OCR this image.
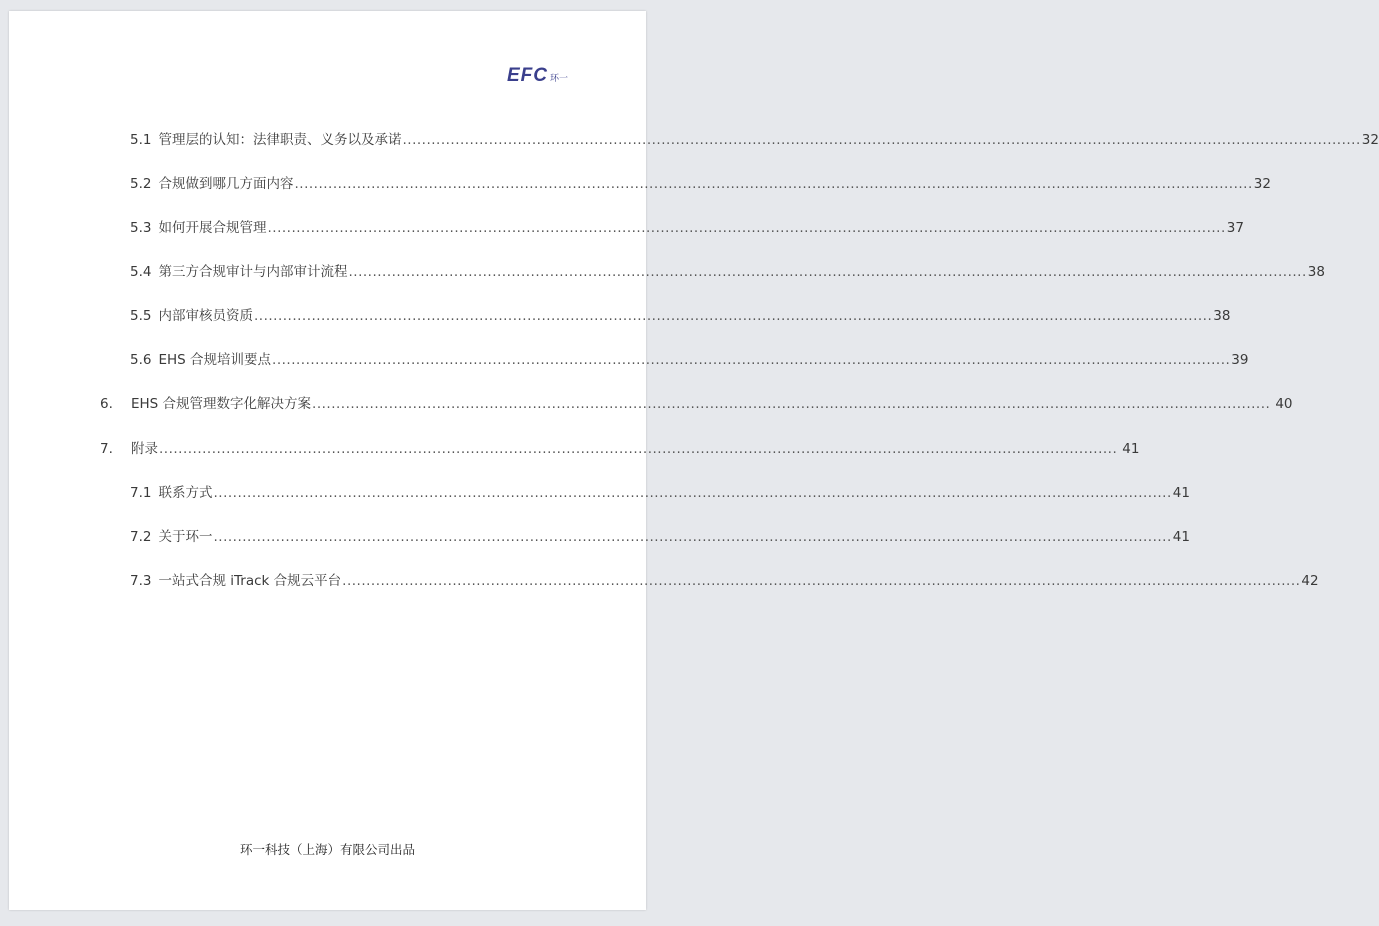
EFC 环一
5.1 管理层的认知：法律职责、义务以及承诺 ........................................................................................................................................................................................................ 32
5.2 合规做到哪几方面内容 ........................................................................................................................................................................................................ 32
5.3 如何开展合规管理 ........................................................................................................................................................................................................ 37
5.4 第三方合规审计与内部审计流程 ........................................................................................................................................................................................................ 38
5.5 内部审核员资质 ........................................................................................................................................................................................................ 38
5.6 EHS 合规培训要点 ........................................................................................................................................................................................................ 39
6.	EHS 合规管理数字化解决方案 ........................................................................................................................................................................................................ 40
7.	附录 ........................................................................................................................................................................................................ 41
7.1 联系方式 ........................................................................................................................................................................................................ 41
7.2 关于环一 ........................................................................................................................................................................................................ 41
7.3 一站式合规 iTrack 合规云平台 ........................................................................................................................................................................................................ 42
环一科技（上海）有限公司出品
